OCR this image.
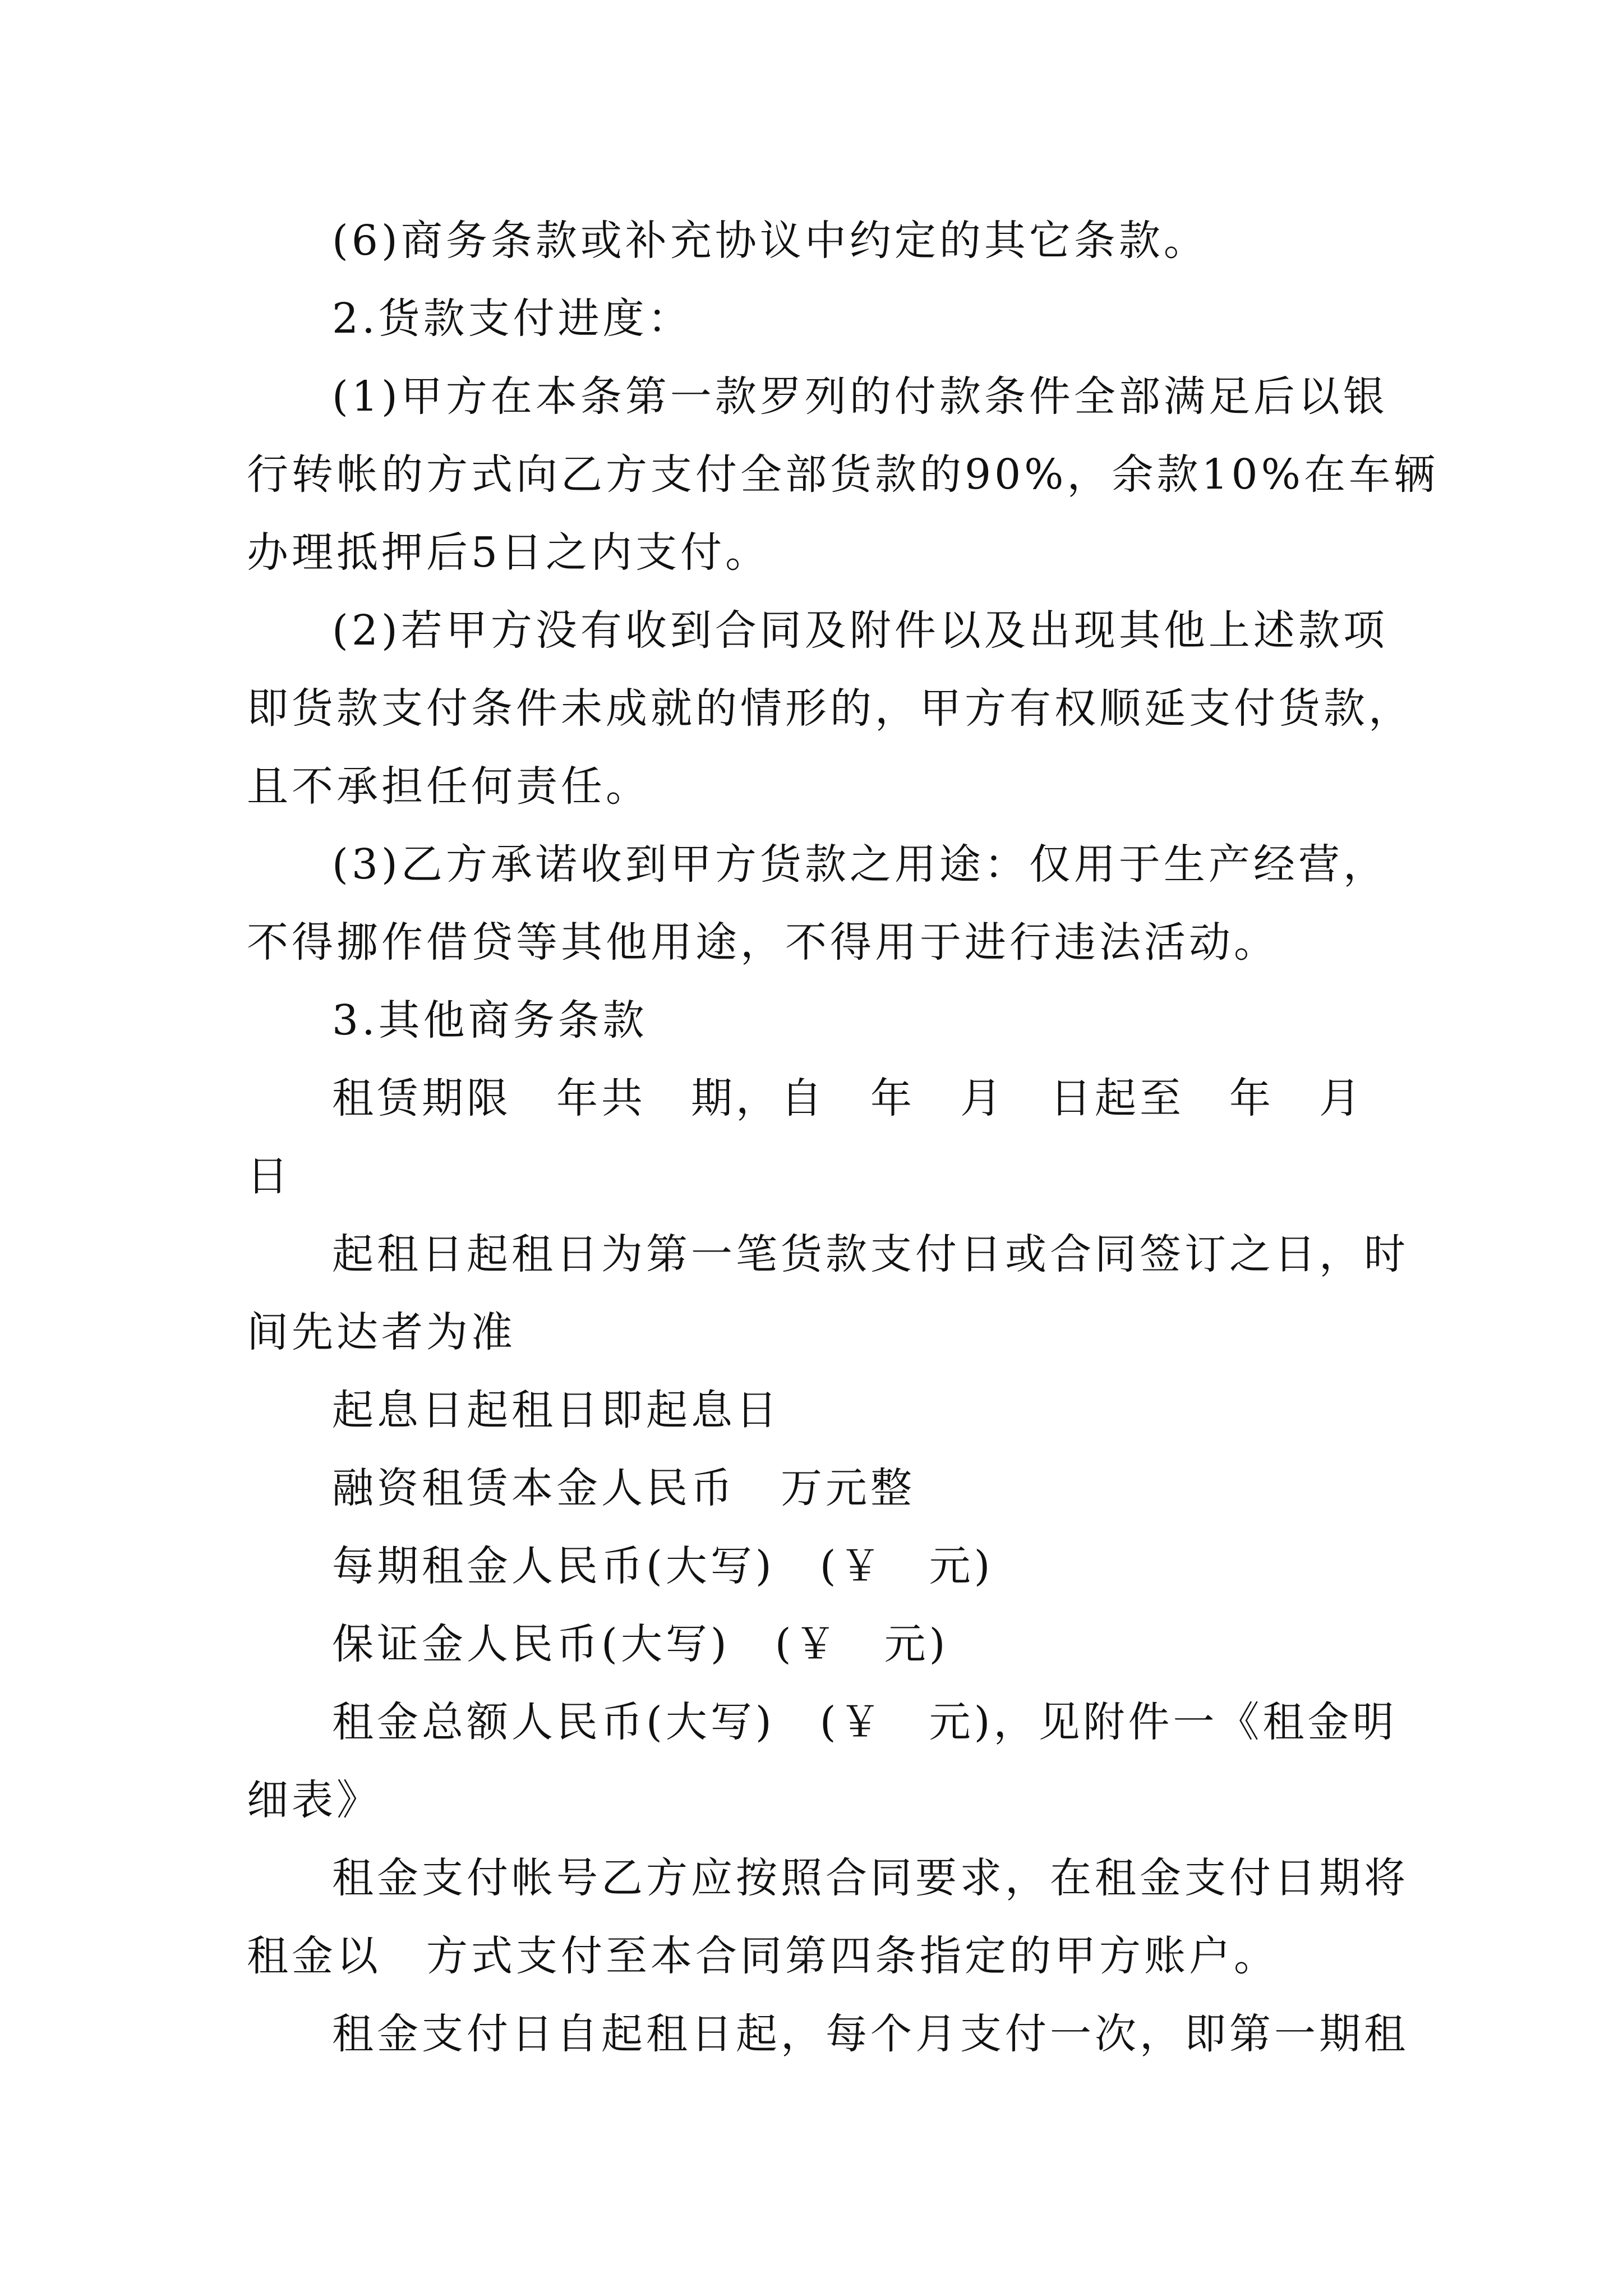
(6)商务条款或补充协议中约定的其它条款。
2.货款支付进度：
(1)甲方在本条第一款罗列的付款条件全部满足后以银
行转帐的方式向乙方支付全部货款的90%，余款10%在车辆
办理抵押后5日之内支付。
(2)若甲方没有收到合同及附件以及出现其他上述款项
即货款支付条件未成就的情形的，甲方有权顺延支付货款，
且不承担任何责任。
(3)乙方承诺收到甲方货款之用途：仅用于生产经营，
不得挪作借贷等其他用途，不得用于进行违法活动。
3.其他商务条款
租赁期限　年共　期，自　年　月　日起至　年　月
日
起租日起租日为第一笔货款支付日或合同签订之日，时
间先达者为准
起息日起租日即起息日
融资租赁本金人民币　万元整
每期租金人民币(大写)　(￥　元)
保证金人民币(大写)　(￥　元)
租金总额人民币(大写)　(￥　元)，见附件一《租金明
细表》
租金支付帐号乙方应按照合同要求，在租金支付日期将
租金以　方式支付至本合同第四条指定的甲方账户。
租金支付日自起租日起，每个月支付一次，即第一期租
